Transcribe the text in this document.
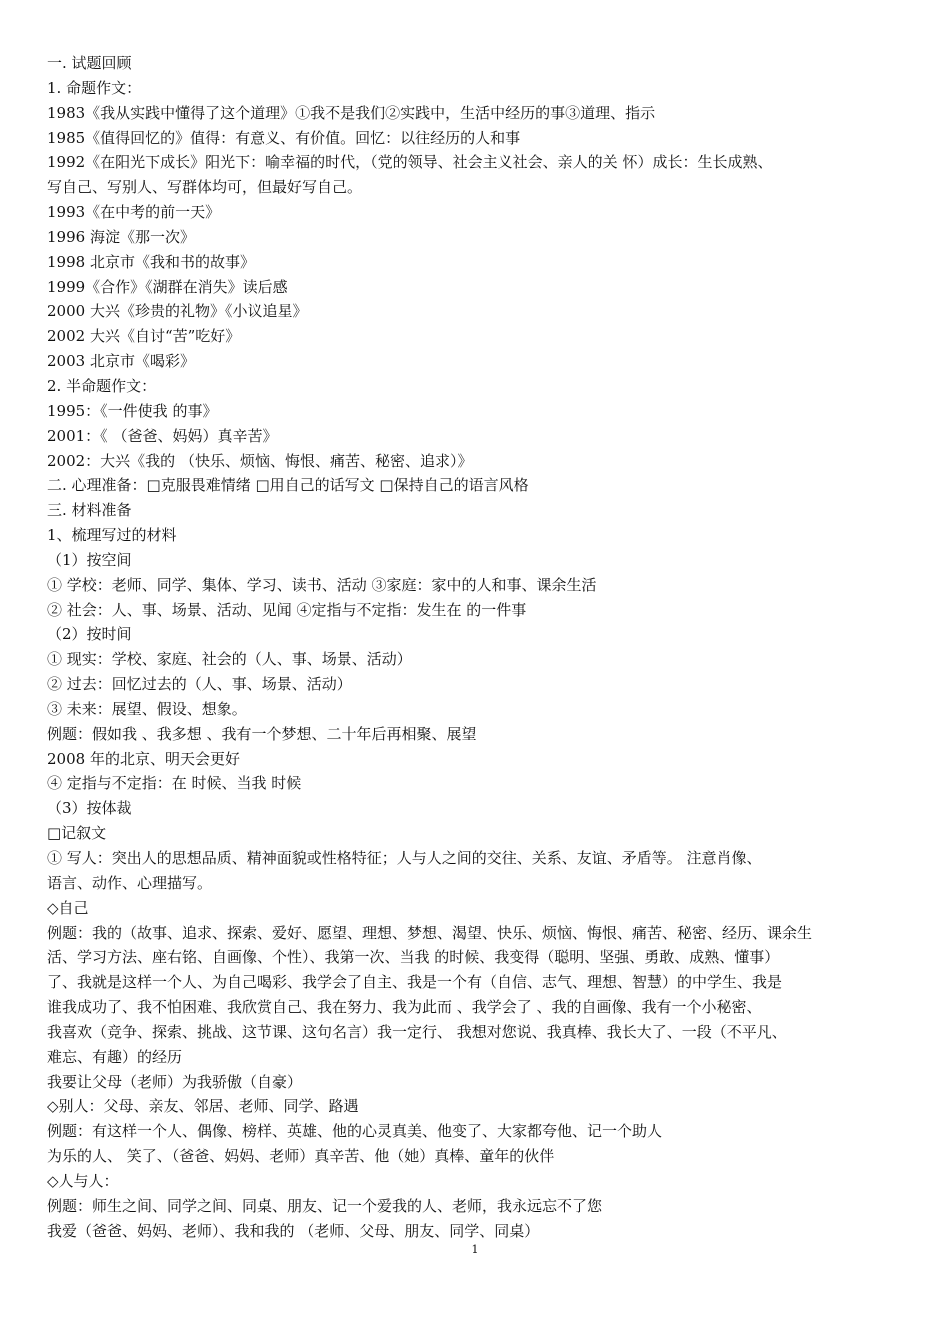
一. 试题回顾
1. 命题作文：
1983《我从实践中懂得了这个道理》①我不是我们②实践中，生活中经历的事③道理、指示
1985《值得回忆的》值得：有意义、有价值。回忆：以往经历的人和事
1992《在阳光下成长》阳光下：喻幸福的时代，（党的领导、社会主义社会、亲人的关 怀）成长：生长成熟、
写自己、写别人、写群体均可，但最好写自己。
1993《在中考的前一天》
1996 海淀《那一次》
1998 北京市《我和书的故事》
1999《合作》《湖群在消失》读后感
2000 大兴《珍贵的礼物》《小议追星》
2002 大兴《自讨“苦”吃好》
2003 北京市《喝彩》
2. 半命题作文：
1995：《一件使我 的事》
2001：《 （爸爸、妈妈）真辛苦》
2002：大兴《我的 （快乐、烦恼、悔恨、痛苦、秘密、追求）》
二. 心理准备：□克服畏难情绪 □用自己的话写文 □保持自己的语言风格
三. 材料准备
1、梳理写过的材料
（1）按空间
① 学校：老师、同学、集体、学习、读书、活动 ③家庭：家中的人和事、课余生活
② 社会：人、事、场景、活动、见闻 ④定指与不定指：发生在 的一件事
（2）按时间
① 现实：学校、家庭、社会的（人、事、场景、活动）
② 过去：回忆过去的（人、事、场景、活动）
③ 未来：展望、假设、想象。
例题：假如我 、我多想 、我有一个梦想、二十年后再相聚、展望
2008 年的北京、明天会更好
④ 定指与不定指：在 时候、当我 时候
（3）按体裁
□记叙文
① 写人：突出人的思想品质、精神面貌或性格特征；人与人之间的交往、关系、友谊、矛盾等。 注意肖像、
语言、动作、心理描写。
◇自己
例题：我的（故事、追求、探索、爱好、愿望、理想、梦想、渴望、快乐、烦恼、悔恨、痛苦、秘密、经历、课余生
活、学习方法、座右铭、自画像、个性）、我第一次、当我 的时候、我变得（聪明、坚强、勇敢、成熟、懂事）
了、我就是这样一个人、为自己喝彩、我学会了自主、我是一个有（自信、志气、理想、智慧）的中学生、我是
谁我成功了、我不怕困难、我欣赏自己、我在努力、我为此而 、我学会了 、我的自画像、我有一个小秘密、
我喜欢（竞争、探索、挑战、这节课、这句名言）我一定行、 我想对您说、我真棒、我长大了、一段（不平凡、
难忘、有趣）的经历
我要让父母（老师）为我骄傲（自豪）
◇别人：父母、亲友、邻居、老师、同学、路遇
例题：有这样一个人、偶像、榜样、英雄、他的心灵真美、他变了、大家都夸他、记一个助人
为乐的人、 笑了、（爸爸、妈妈、老师）真辛苦、他（她）真棒、童年的伙伴
◇人与人：
例题：师生之间、同学之间、同桌、朋友、记一个爱我的人、老师，我永远忘不了您
我爱（爸爸、妈妈、老师）、我和我的 （老师、父母、朋友、同学、同桌）
1
